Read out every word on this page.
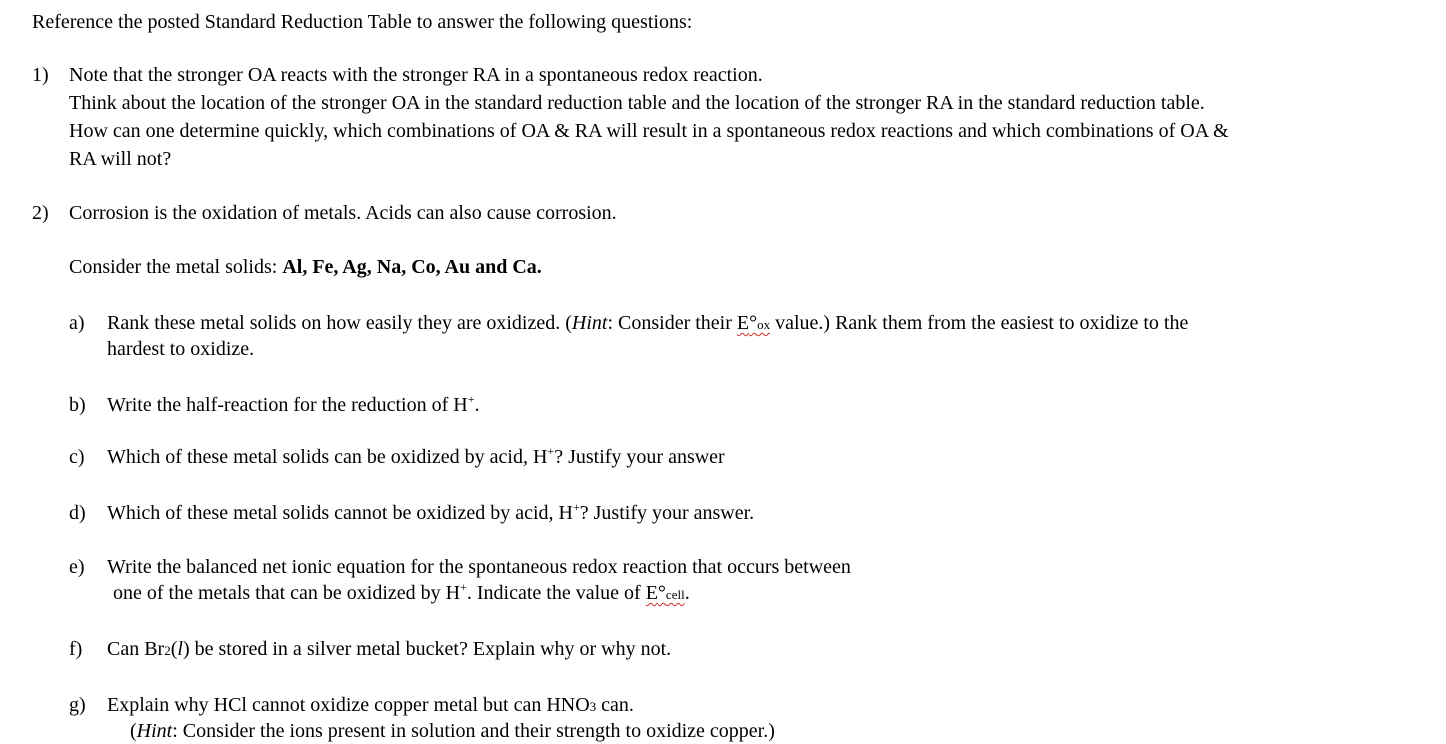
Reference the posted Standard Reduction Table to answer the following questions:
1) Note that the stronger OA reacts with the stronger RA in a spontaneous redox reaction.
Think about the location of the stronger OA in the standard reduction table and the location of the stronger RA in the standard reduction table.
How can one determine quickly, which combinations of OA & RA will result in a spontaneous redox reactions and which combinations of OA &
RA will not?
2) Corrosion is the oxidation of metals. Acids can also cause corrosion.
Consider the metal solids: Al, Fe, Ag, Na, Co, Au and Ca.
a) Rank these metal solids on how easily they are oxidized. (Hint: Consider their E°ox value.) Rank them from the easiest to oxidize to the
hardest to oxidize.
b) Write the half-reaction for the reduction of H+.
c) Which of these metal solids can be oxidized by acid, H+? Justify your answer
d) Which of these metal solids cannot be oxidized by acid, H+? Justify your answer.
e) Write the balanced net ionic equation for the spontaneous redox reaction that occurs between
one of the metals that can be oxidized by H+. Indicate the value of E°cell.
f) Can Br2(l) be stored in a silver metal bucket? Explain why or why not.
g) Explain why HCl cannot oxidize copper metal but can HNO3 can.
(Hint: Consider the ions present in solution and their strength to oxidize copper.)
